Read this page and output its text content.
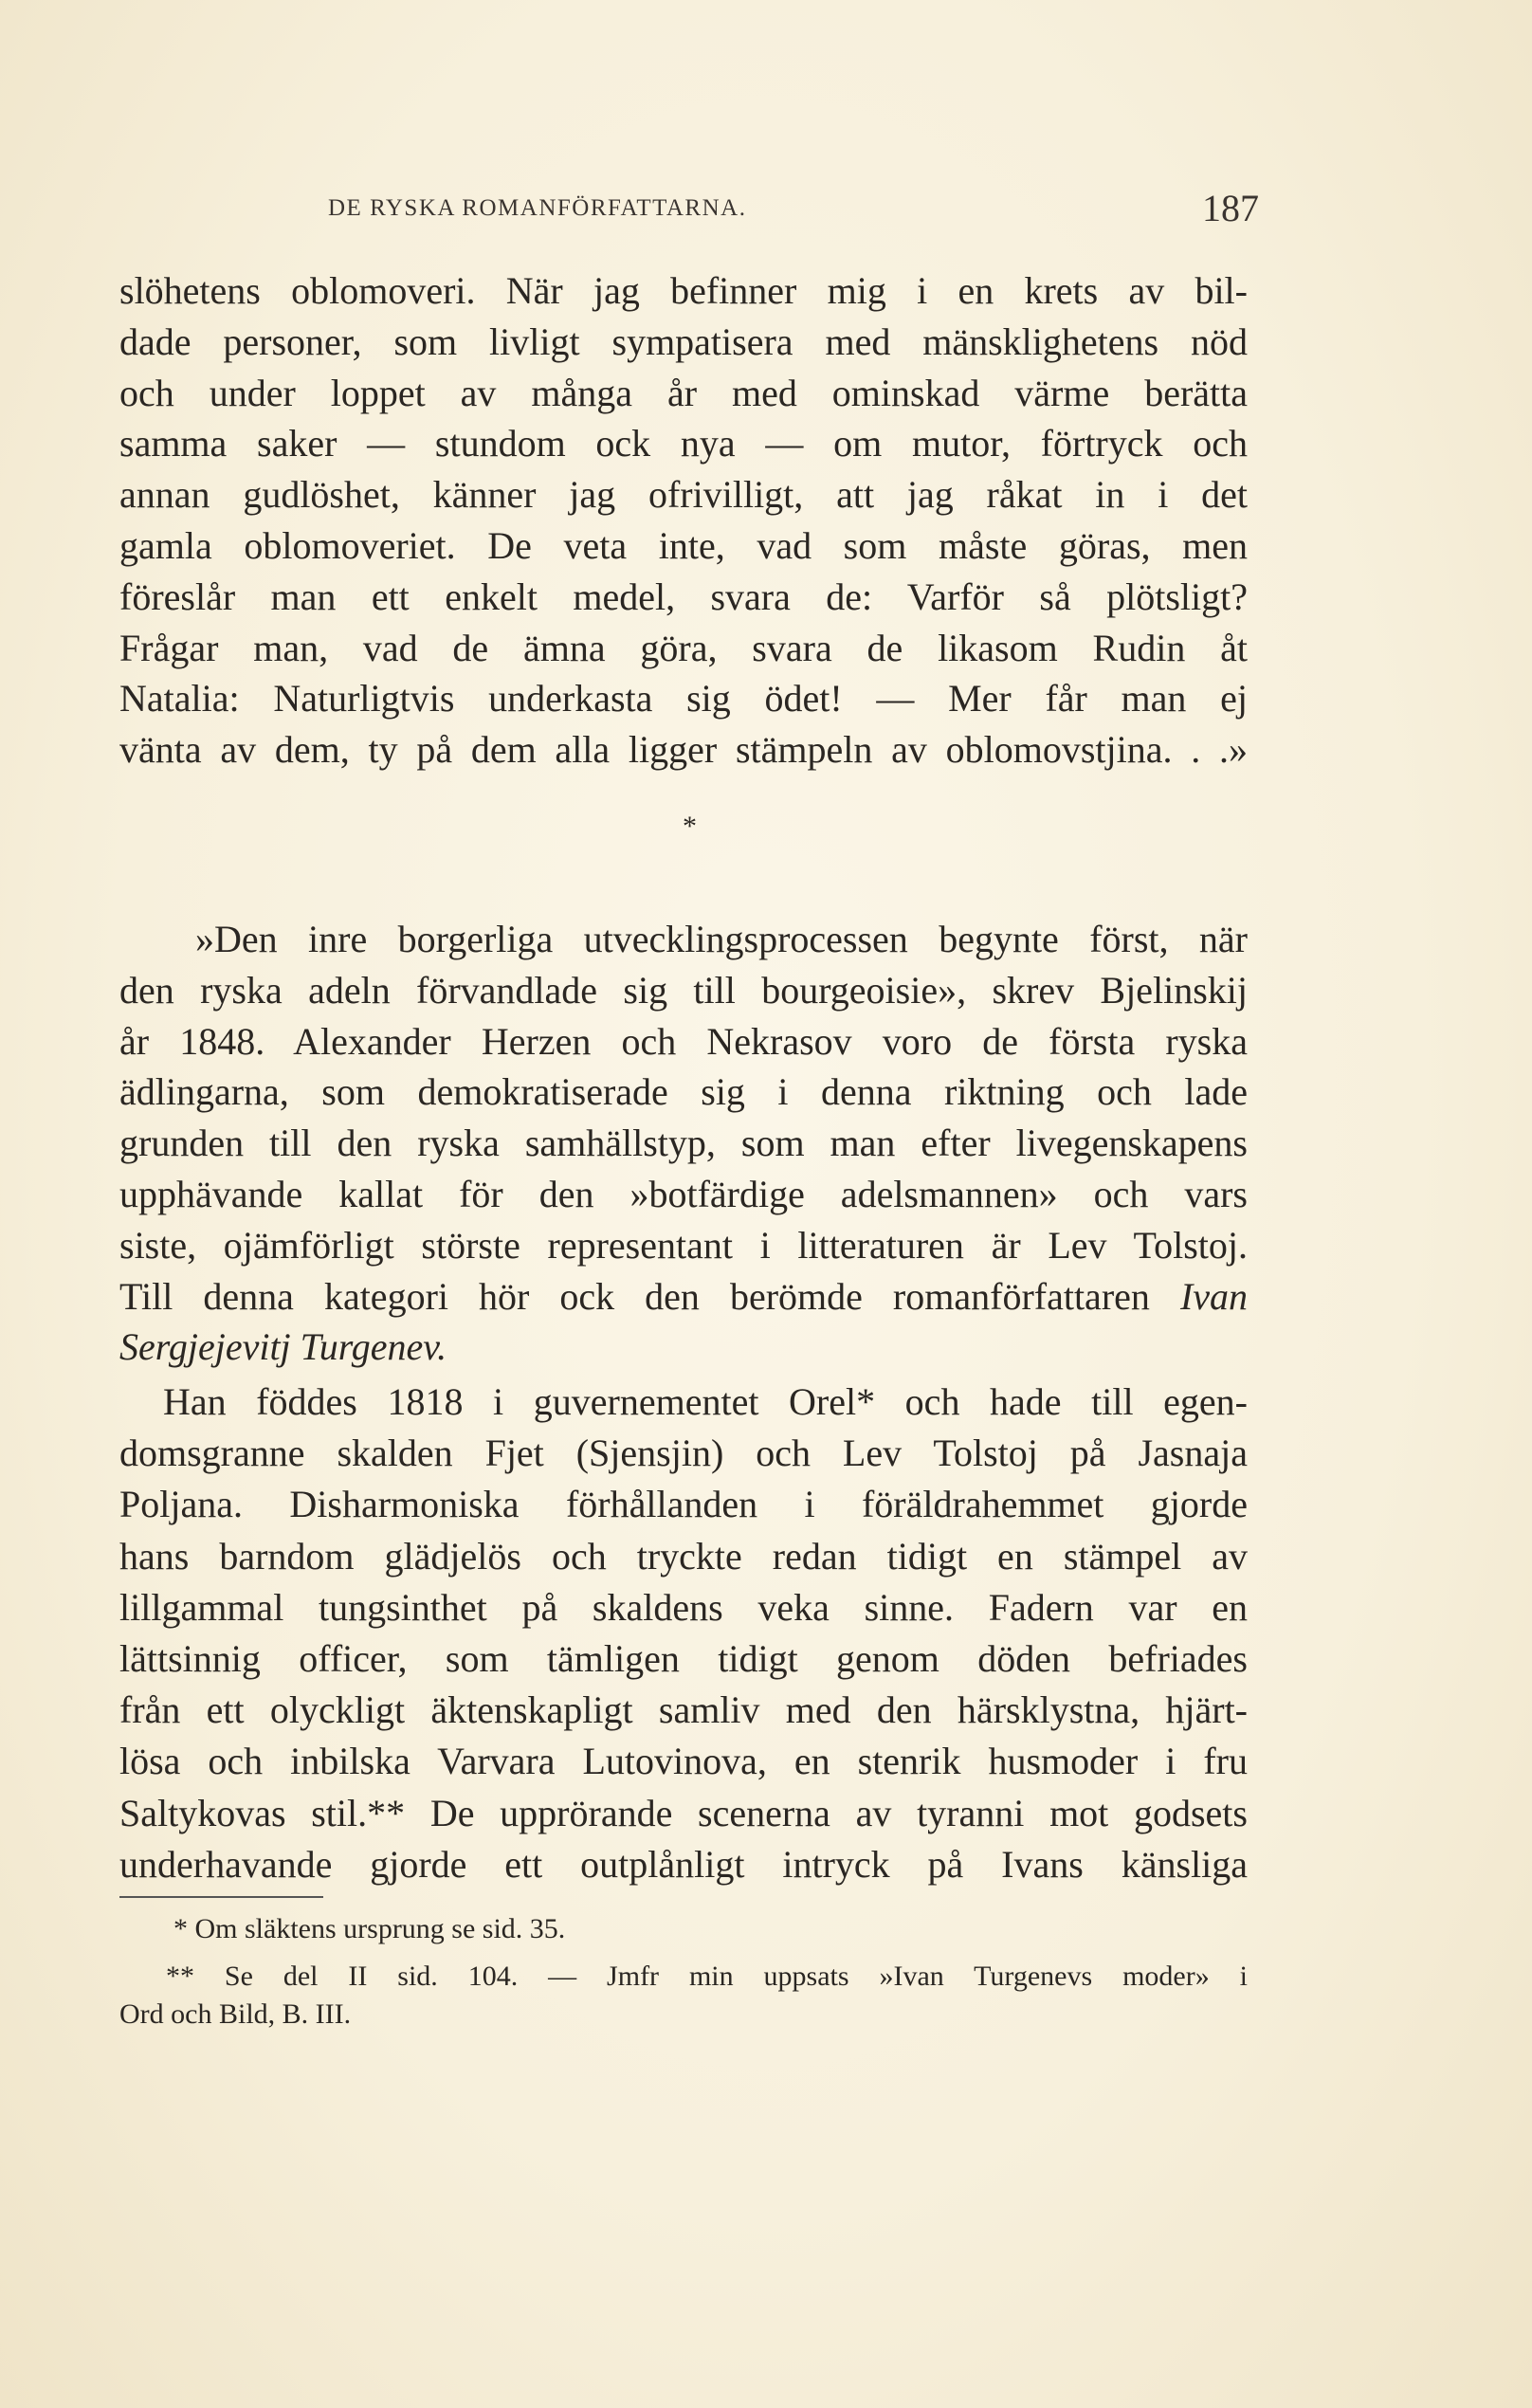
DE RYSKA ROMANFÖRFATTARNA.	187
slöhetens oblomoveri. När jag befinner mig i en krets av bil-
dade personer, som livligt sympatisera med mänsklighetens nöd
och under loppet av många år med ominskad värme berätta
samma saker — stundom ock nya — om mutor, förtryck och
annan gudlöshet, känner jag ofrivilligt, att jag råkat in i det
gamla oblomoveriet. De veta inte, vad som måste göras, men
föreslår man ett enkelt medel, svara de: Varför så plötsligt?
Frågar man, vad de ämna göra, svara de likasom Rudin åt
Natalia: Naturligtvis underkasta sig ödet! — Mer får man ej
vänta av dem, ty på dem alla ligger stämpeln av oblomovstjina. . .»
»Den inre borgerliga utvecklingsprocessen begynte först, när
den ryska adeln förvandlade sig till bourgeoisie», skrev Bjelinskij
år 1848. Alexander Herzen och Nekrasov voro de första ryska
ädlingarna, som demokratiserade sig i denna riktning och lade
grunden till den ryska samhällstyp, som man efter livegenskapens
upphävande kallat för den »botfärdige adelsmannen» och vars
siste, ojämförligt störste representant i litteraturen är Lev Tolstoj.
Till denna kategori hör ock den berömde romanförfattaren Ivan
Sergjejevitj Turgenev.
Han föddes 1818 i guvernementet Orel* och hade till egen-
domsgranne skalden Fjet (Sjensjin) och Lev Tolstoj på Jasnaja
Poljana. Disharmoniska förhållanden i föräldrahemmet gjorde
hans barndom glädjelös och tryckte redan tidigt en stämpel av
lillgammal tungsinthet på skaldens veka sinne. Fadern var en
lättsinnig officer, som tämligen tidigt genom döden befriades
från ett olyckligt äktenskapligt samliv med den härsklystna, hjärt-
lösa och inbilska Varvara Lutovinova, en stenrik husmoder i fru
Saltykovas stil.** De upprörande scenerna av tyranni mot godsets
underhavande gjorde ett outplånligt intryck på Ivans känsliga
*
* Om släktens ursprung se sid. 35.
** Se del II sid. 104. — Jmfr min uppsats »Ivan Turgenevs moder» i
Ord och Bild, B. III.
